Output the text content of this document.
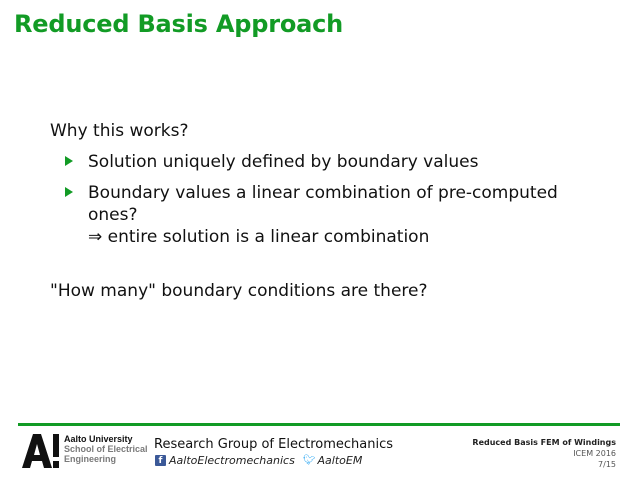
Reduced Basis Approach

Why this works?

Solution uniquely defined by boundary values
Boundary values a linear combination of pre-computed ones?
⇒ entire solution is a linear combination

"How many" boundary conditions are there?

Aalto University
School of Electrical
Engineering
Research Group of Electromechanics
f AaltoElectromechanics 🐦︎ AaltoEM
Reduced Basis FEM of Windings
ICEM 2016
7/15
